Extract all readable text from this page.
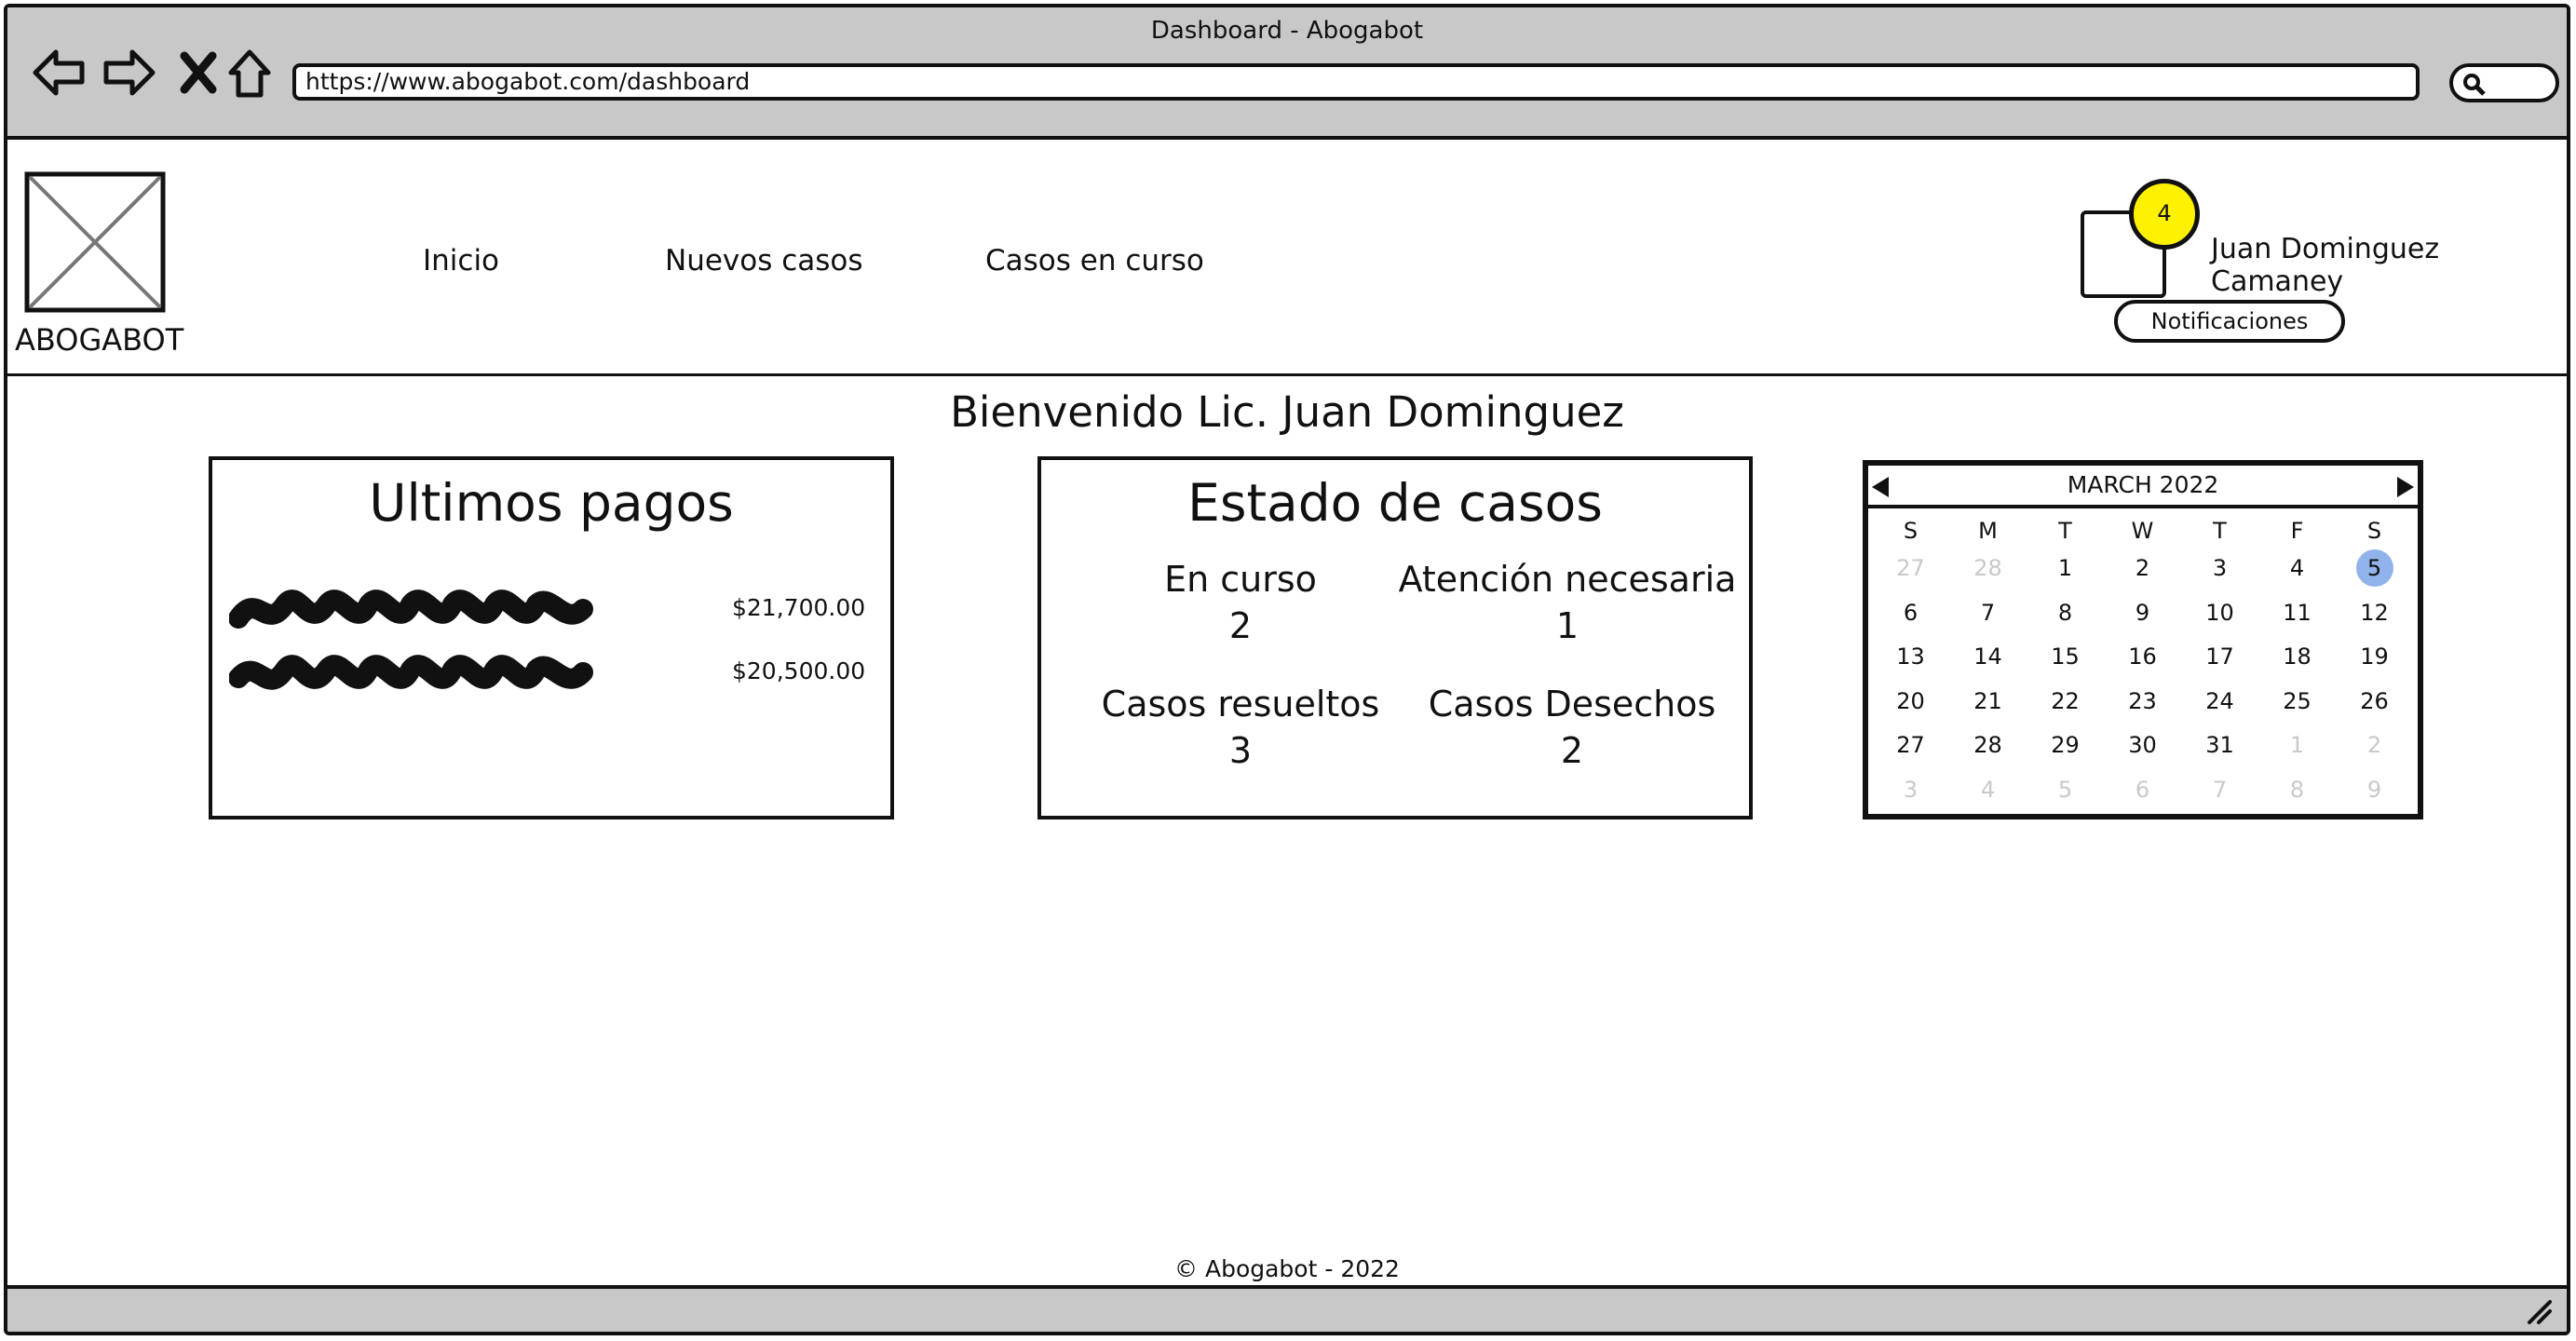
Dashboard - Abogabot
https://www.abogabot.com/dashboard
ABOGABOT
Inicio	Nuevos casos	Casos en curso
4
Notificaciones
Juan Dominguez Camaney
Bienvenido Lic. Juan Dominguez
Ultimos pagos
$21,700.00
$20,500.00
Estado de casos
En curso
2
Atención necesaria
1
Casos resueltos
3
Casos Desechos
2
MARCH 2022
S	M	T	W	T	F	S
27	28	1	2	3	4	5
6	7	8	9	10	11	12
13	14	15	16	17	18	19
20	21	22	23	24	25	26
27	28	29	30	31	1	2
3	4	5	6	7	8	9
© Abogabot - 2022
